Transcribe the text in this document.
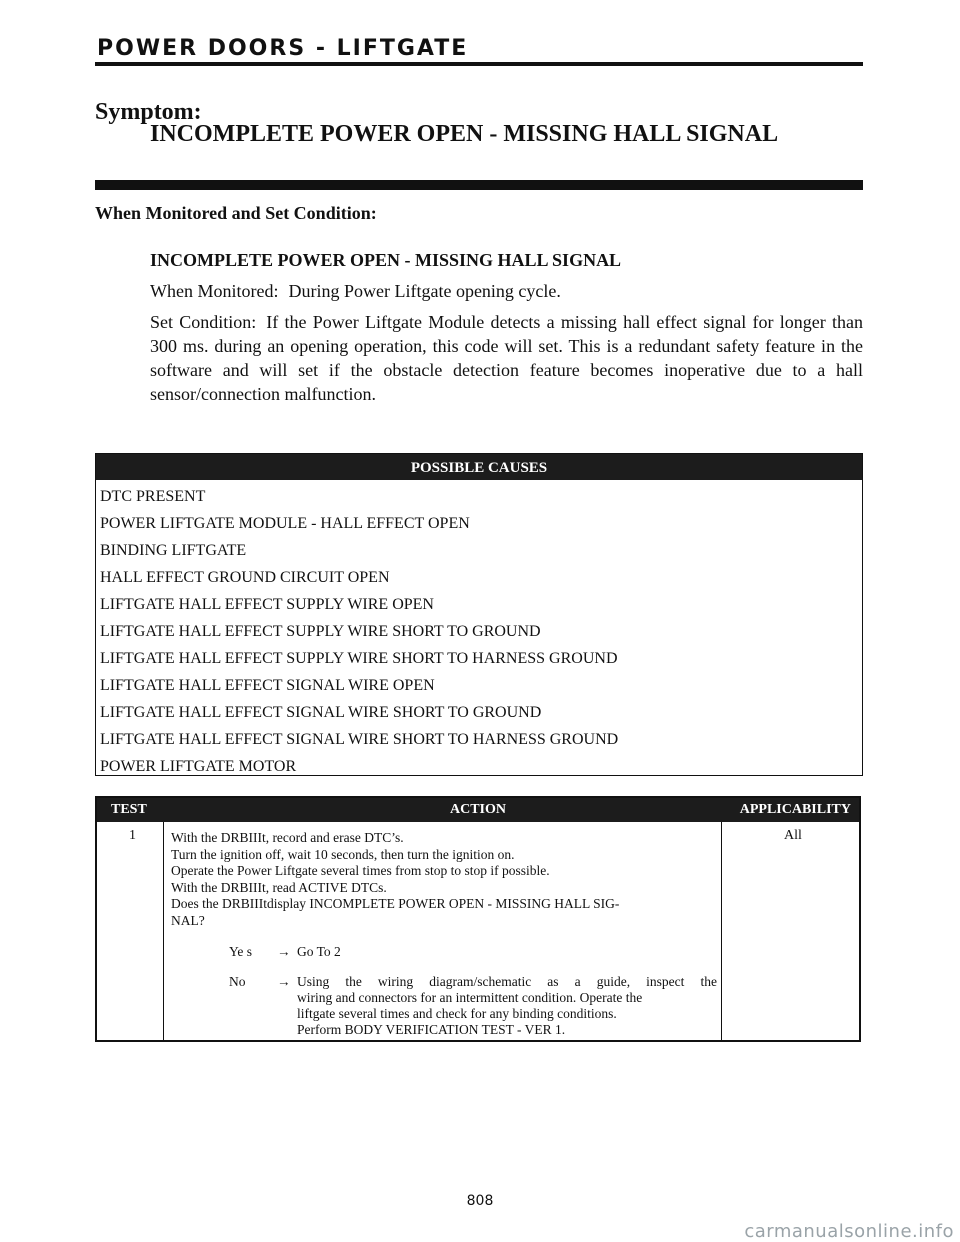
POWER DOORS - LIFTGATE
Symptom:
INCOMPLETE POWER OPEN - MISSING HALL SIGNAL
When Monitored and Set Condition:
INCOMPLETE POWER OPEN - MISSING HALL SIGNAL
When Monitored: During Power Liftgate opening cycle.
Set Condition: If the Power Liftgate Module detects a missing hall effect signal for longer than 300 ms. during an opening operation, this code will set. This is a redundant safety feature in the software and will set if the obstacle detection feature becomes inoperative due to a hall sensor/connection malfunction.
POSSIBLE CAUSES
DTC PRESENT
POWER LIFTGATE MODULE - HALL EFFECT OPEN
BINDING LIFTGATE
HALL EFFECT GROUND CIRCUIT OPEN
LIFTGATE HALL EFFECT SUPPLY WIRE OPEN
LIFTGATE HALL EFFECT SUPPLY WIRE SHORT TO GROUND
LIFTGATE HALL EFFECT SUPPLY WIRE SHORT TO HARNESS GROUND
LIFTGATE HALL EFFECT SIGNAL WIRE OPEN
LIFTGATE HALL EFFECT SIGNAL WIRE SHORT TO GROUND
LIFTGATE HALL EFFECT SIGNAL WIRE SHORT TO HARNESS GROUND
POWER LIFTGATE MOTOR
ACTION
TEST	APPLICABILITY
1	With the DRBIIIt, record and erase DTC’s.
Turn the ignition off, wait 10 seconds, then turn the ignition on.
Operate the Power Liftgate several times from stop to stop if possible.
With the DRBIIIt, read ACTIVE DTCs.
Does the DRBIIItdisplay INCOMPLETE POWER OPEN - MISSING HALL SIG-
NAL?
Ye s → Go To 2
No → Using the wiring diagram/schematic as a guide, inspect the
wiring and connectors for an intermittent condition. Operate the
liftgate several times and check for any binding conditions.
Perform BODY VERIFICATION TEST - VER 1.
All
808
carmanualsonline.info
